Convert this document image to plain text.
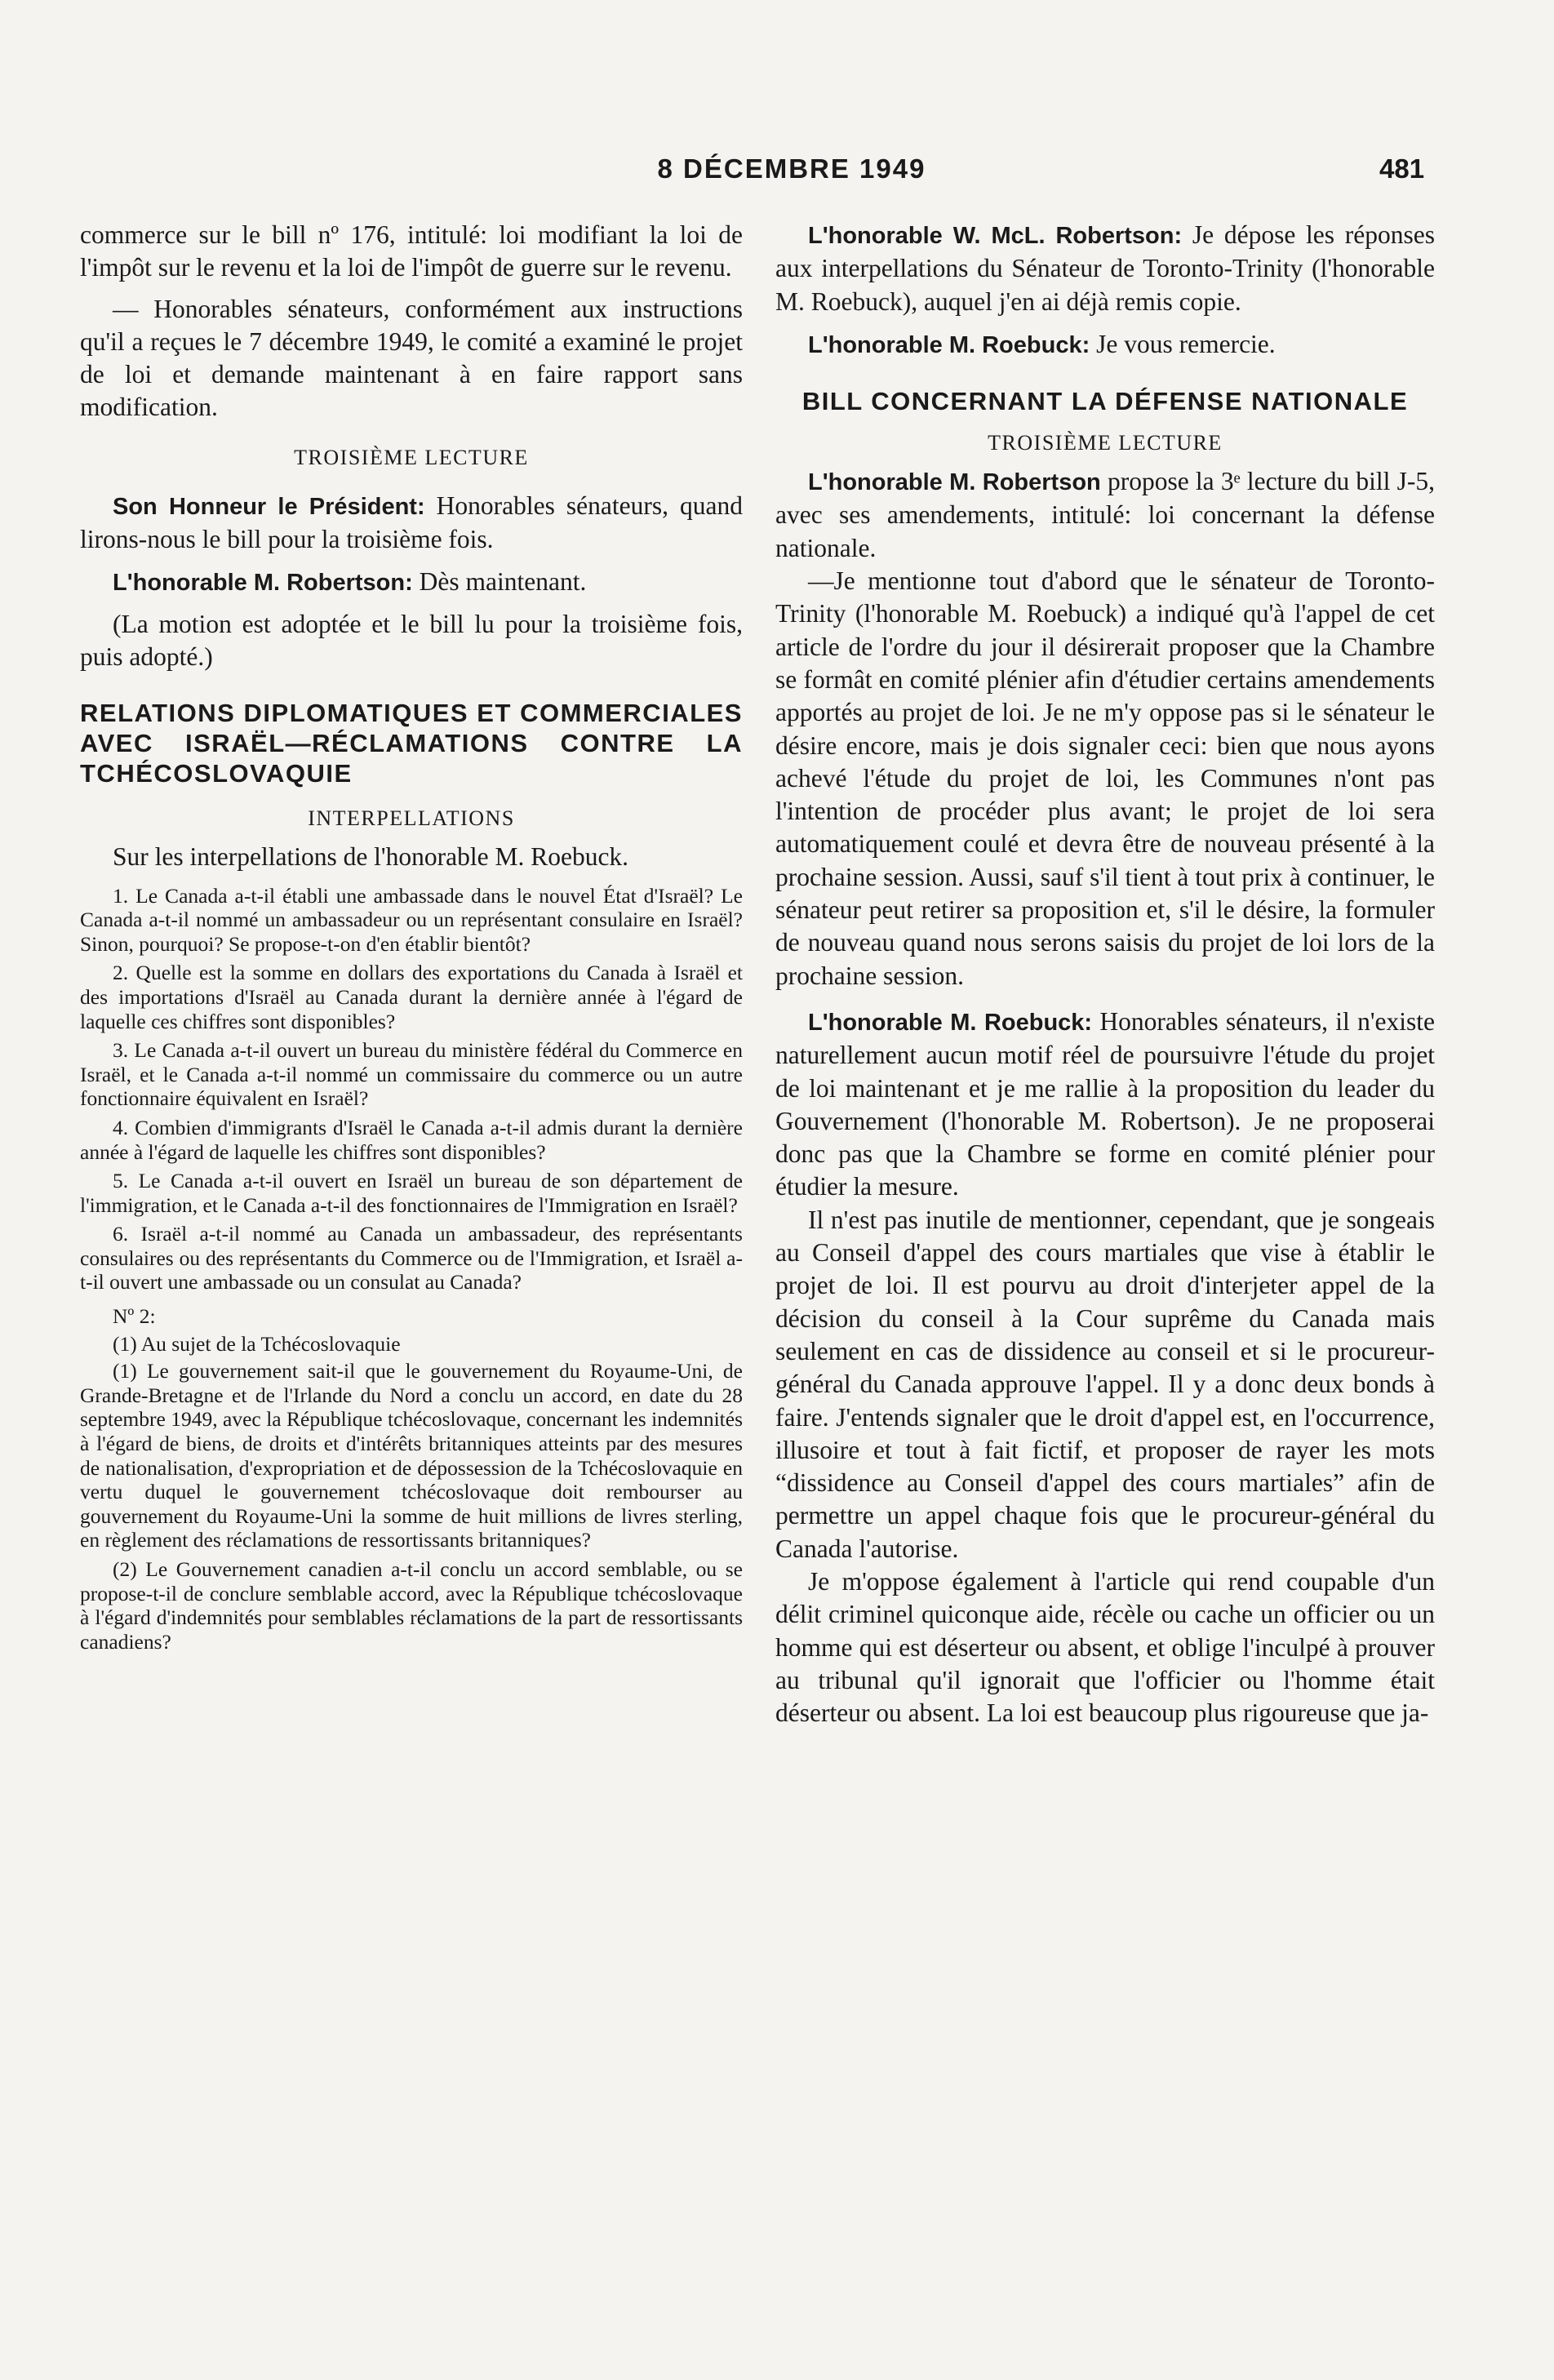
8 DÉCEMBRE 1949	481

commerce sur le bill nº 176, intitulé: loi modifiant la loi de l'impôt sur le revenu et la loi de l'impôt de guerre sur le revenu.

— Honorables sénateurs, conformément aux instructions qu'il a reçues le 7 décembre 1949, le comité a examiné le projet de loi et demande maintenant à en faire rapport sans modification.

TROISIÈME LECTURE

Son Honneur le Président: Honorables sénateurs, quand lirons-nous le bill pour la troisième fois.

L'honorable M. Robertson: Dès maintenant.

(La motion est adoptée et le bill lu pour la troisième fois, puis adopté.)

RELATIONS DIPLOMATIQUES ET COMMERCIALES AVEC ISRAËL—RÉCLAMATIONS CONTRE LA TCHÉCOSLOVAQUIE

INTERPELLATIONS

Sur les interpellations de l'honorable M. Roebuck.

1. Le Canada a-t-il établi une ambassade dans le nouvel État d'Israël? Le Canada a-t-il nommé un ambassadeur ou un représentant consulaire en Israël? Sinon, pourquoi? Se propose-t-on d'en établir bientôt?

2. Quelle est la somme en dollars des exportations du Canada à Israël et des importations d'Israël au Canada durant la dernière année à l'égard de laquelle ces chiffres sont disponibles?

3. Le Canada a-t-il ouvert un bureau du ministère fédéral du Commerce en Israël, et le Canada a-t-il nommé un commissaire du commerce ou un autre fonctionnaire équivalent en Israël?

4. Combien d'immigrants d'Israël le Canada a-t-il admis durant la dernière année à l'égard de laquelle les chiffres sont disponibles?

5. Le Canada a-t-il ouvert en Israël un bureau de son département de l'immigration, et le Canada a-t-il des fonctionnaires de l'Immigration en Israël?

6. Israël a-t-il nommé au Canada un ambassadeur, des représentants consulaires ou des représentants du Commerce ou de l'Immigration, et Israël a-t-il ouvert une ambassade ou un consulat au Canada?

Nº 2:

(1) Au sujet de la Tchécoslovaquie

(1) Le gouvernement sait-il que le gouvernement du Royaume-Uni, de Grande-Bretagne et de l'Irlande du Nord a conclu un accord, en date du 28 septembre 1949, avec la République tchécoslovaque, concernant les indemnités à l'égard de biens, de droits et d'intérêts britanniques atteints par des mesures de nationalisation, d'expropriation et de dépossession de la Tchécoslovaquie en vertu duquel le gouvernement tchécoslovaque doit rembourser au gouvernement du Royaume-Uni la somme de huit millions de livres sterling, en règlement des réclamations de ressortissants britanniques?

(2) Le Gouvernement canadien a-t-il conclu un accord semblable, ou se propose-t-il de conclure semblable accord, avec la République tchécoslovaque à l'égard d'indemnités pour semblables réclamations de la part de ressortissants canadiens?

L'honorable W. McL. Robertson: Je dépose les réponses aux interpellations du Sénateur de Toronto-Trinity (l'honorable M. Roebuck), auquel j'en ai déjà remis copie.

L'honorable M. Roebuck: Je vous remercie.

BILL CONCERNANT LA DÉFENSE NATIONALE

TROISIÈME LECTURE

L'honorable M. Robertson propose la 3ᵉ lecture du bill J-5, avec ses amendements, intitulé: loi concernant la défense nationale.

—Je mentionne tout d'abord que le sénateur de Toronto-Trinity (l'honorable M. Roebuck) a indiqué qu'à l'appel de cet article de l'ordre du jour il désirerait proposer que la Chambre se formât en comité plénier afin d'étudier certains amendements apportés au projet de loi. Je ne m'y oppose pas si le sénateur le désire encore, mais je dois signaler ceci: bien que nous ayons achevé l'étude du projet de loi, les Communes n'ont pas l'intention de procéder plus avant; le projet de loi sera automatiquement coulé et devra être de nouveau présenté à la prochaine session. Aussi, sauf s'il tient à tout prix à continuer, le sénateur peut retirer sa proposition et, s'il le désire, la formuler de nouveau quand nous serons saisis du projet de loi lors de la prochaine session.

L'honorable M. Roebuck: Honorables sénateurs, il n'existe naturellement aucun motif réel de poursuivre l'étude du projet de loi maintenant et je me rallie à la proposition du leader du Gouvernement (l'honorable M. Robertson). Je ne proposerai donc pas que la Chambre se forme en comité plénier pour étudier la mesure.

Il n'est pas inutile de mentionner, cependant, que je songeais au Conseil d'appel des cours martiales que vise à établir le projet de loi. Il est pourvu au droit d'interjeter appel de la décision du conseil à la Cour suprême du Canada mais seulement en cas de dissidence au conseil et si le procureur-général du Canada approuve l'appel. Il y a donc deux bonds à faire. J'entends signaler que le droit d'appel est, en l'occurrence, illusoire et tout à fait fictif, et proposer de rayer les mots “dissidence au Conseil d'appel des cours martiales” afin de permettre un appel chaque fois que le procureur-général du Canada l'autorise.

Je m'oppose également à l'article qui rend coupable d'un délit criminel quiconque aide, récèle ou cache un officier ou un homme qui est déserteur ou absent, et oblige l'inculpé à prouver au tribunal qu'il ignorait que l'officier ou l'homme était déserteur ou absent. La loi est beaucoup plus rigoureuse que ja-
